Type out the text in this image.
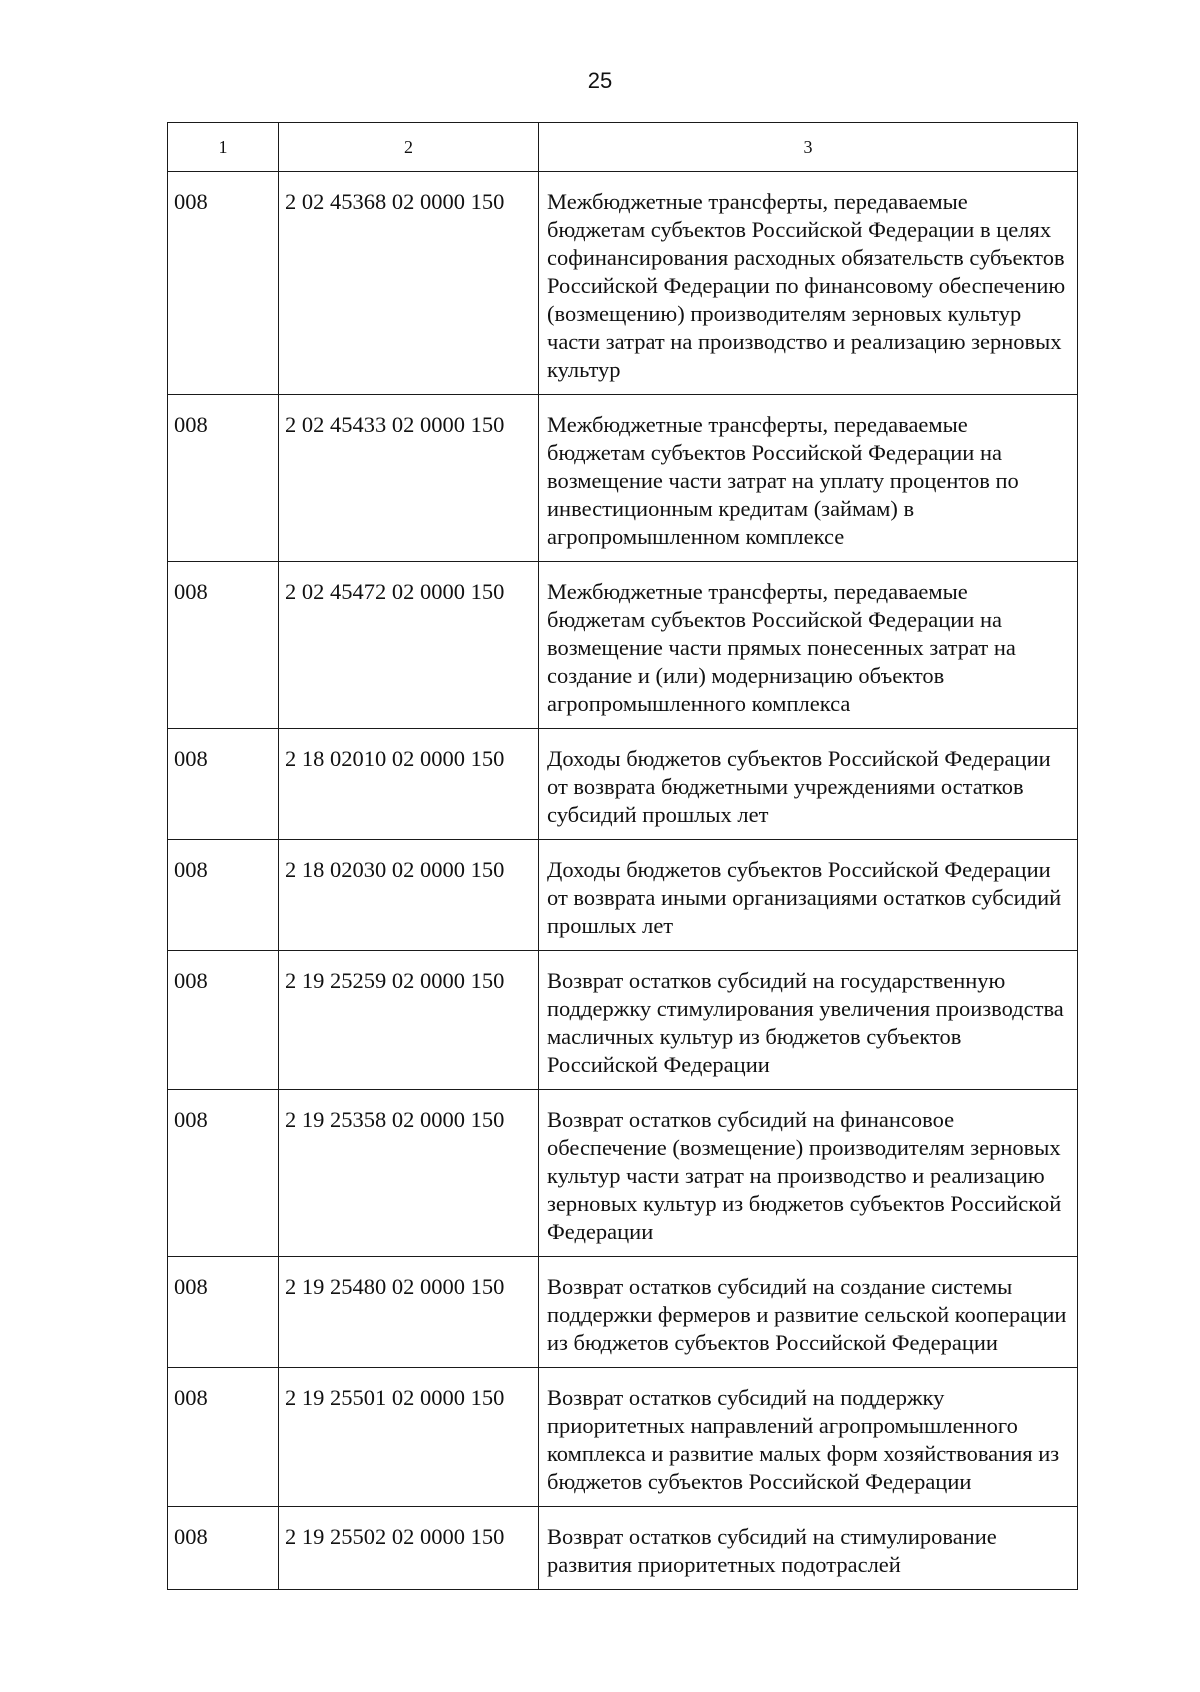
25
1	2	3
008	2 02 45368 02 0000 150	Межбюджетные трансферты, передаваемые бюджетам субъектов Российской Федерации в целях софинансирования расходных обязательств субъектов Российской Федерации по финансовому обеспечению (возмещению) производителям зерновых культур части затрат на производство и реализацию зерновых культур
008	2 02 45433 02 0000 150	Межбюджетные трансферты, передаваемые бюджетам субъектов Российской Федерации на возмещение части затрат на уплату процентов по инвестиционным кредитам (займам) в агропромышленном комплексе
008	2 02 45472 02 0000 150	Межбюджетные трансферты, передаваемые бюджетам субъектов Российской Федерации на возмещение части прямых понесенных затрат на создание и (или) модернизацию объектов агропромышленного комплекса
008	2 18 02010 02 0000 150	Доходы бюджетов субъектов Российской Федерации от возврата бюджетными учреждениями остатков субсидий прошлых лет
008	2 18 02030 02 0000 150	Доходы бюджетов субъектов Российской Федерации от возврата иными организациями остатков субсидий прошлых лет
008	2 19 25259 02 0000 150	Возврат остатков субсидий на государственную поддержку стимулирования увеличения производства масличных культур из бюджетов субъектов Российской Федерации
008	2 19 25358 02 0000 150	Возврат остатков субсидий на финансовое обеспечение (возмещение) производителям зерновых культур части затрат на производство и реализацию зерновых культур из бюджетов субъектов Российской Федерации
008	2 19 25480 02 0000 150	Возврат остатков субсидий на создание системы поддержки фермеров и развитие сельской кооперации из бюджетов субъектов Российской Федерации
008	2 19 25501 02 0000 150	Возврат остатков субсидий на поддержку приоритетных направлений агропромышленного комплекса и развитие малых форм хозяйствования из бюджетов субъектов Российской Федерации
008	2 19 25502 02 0000 150	Возврат остатков субсидий на стимулирование развития приоритетных подотраслей
